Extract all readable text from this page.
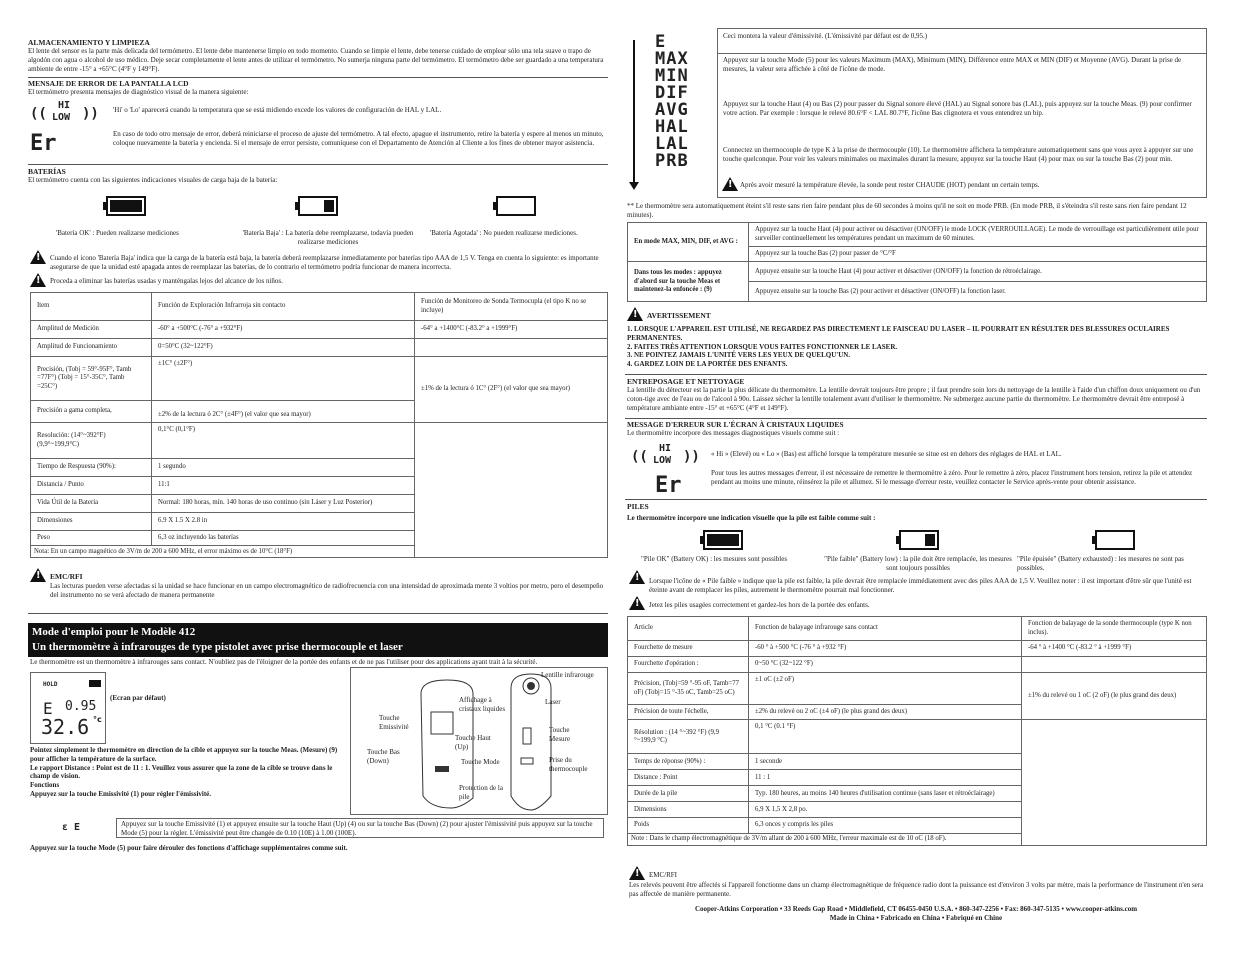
ALMACENAMIENTO Y LIMPIEZA

El lente del sensor es la parte más delicada del termómetro. El lente debe mantenerse limpio en todo momento. Cuando se limpie el lente, debe tenerse cuidado de emplear sólo una tela suave o trapo de algodón con agua o alcohol de uso médico. Deje secar completamente el lente antes de utilizar el termómetro. No sumerja ninguna parte del termómetro. El termómetro debe ser guardado a una temperatura ambiente de entre -15° a +65°C (4°F y 149°F).

MENSAJE DE ERROR DE LA PANTALLA LCD

El termómetro presenta mensajes de diagnóstico visual de la manera siguiente:

((
HI
LOW )) 'Hi' o 'Lo' aparecerá cuando la temperatura que se está midiendo excede los valores de configuración de HAL y LAL.

Er	En caso de todo otro mensaje de error, deberá reiniciarse el proceso de ajuste del termómetro. A tal efecto, apague el instrumento, retire la batería y espere al menos un minuto, coloque nuevamente la batería y encienda. Si el mensaje de error persiste, comuníquese con el Departamento de Atención al Cliente a los fines de obtener mayor asistencia.

BATERÍAS

El termómetro cuenta con las siguientes indicaciones visuales de carga baja de la batería:

'Batería OK' : Pueden realizarse mediciones	'Batería Baja' : La batería debe reemplazarse, todavía pueden realizarse mediciones

'Batería Agotada' : No pueden realizarse mediciones.

!

Cuando el icono 'Batería Baja' indica que la carga de la batería está baja, la batería deberá reemplazarse inmediatamente por baterías tipo AAA de 1,5 V. Tenga en cuenta lo siguiente: es importante asegurarse de que la unidad esté apagada antes de reemplazar las baterías, de lo contrario el termómetro podría funcionar de manera incorrecta.

!

Proceda a eliminar las baterías usadas y manténgalas lejos del alcance de los niños.

Item	Función de Exploración Infrarroja sin contacto	Función de Monitoreo de Sonda Termocupla (el tipo K no se incluye)
Amplitud de Medición	-60° a +500°C (-76° a +932°F)	-64° a +1400°C (-83.2° a +1999°F)
Amplitud de Funcionamiento	0=50°C (32~122°F)	
Precisión, (Tobj = 59°-95F°, Tamb =77F°) (Tobj = 15°-35C°, Tamb =25C°)	±1C° (±2F°)	±1% de la lectura ó 1C° (2F°) (el valor que sea mayor)
Precisión a gama completa,	±2% de la lectura ó 2C° (±4F°) (el valor que sea mayor)	
Resolución: (14°~392°F) (9,9°~199,9°C)	0,1°C (0,1°F)	
Tiempo de Respuesta (90%):	1 segundo	
Distancia / Punto	11:1	
Vida Útil de la Batería	Normal: 180 horas, mín. 140 horas de uso continuo (sin Láser y Luz Posterior)	
Dimensiones	6.9 X 1.5 X 2.8 in	
Peso	6,3 oz incluyendo las baterías	
Nota: En un campo magnético de 3V/m de 200 a 600 MHz, el error máximo es de 10°C (18°F)		
!

EMC/RFI

Las lecturas pueden verse afectadas si la unidad se hace funcionar en un campo electromagnético de radiofrecuencia con una intensidad de aproximada mente 3 voltios por metro, pero el desempeño del instrumento no se verá afectado de manera permanente

Mode d'emploi pour le Modèle 412
Un thermomètre à infrarouges de type pistolet avec prise thermocouple et laser

Le thermomètre est un thermomètre à infrarouges sans contact. N'oubliez pas de l'éloigner de la portée des enfants et de ne pas l'utiliser pour des applications ayant trait à la sécurité.

HOLD
E 0.95
32.6 °c

(Ecran par défaut)

Pointez simplement le thermomètre en direction de la cible et appuyez sur la touche Meas. (Mesure) (9) pour afficher la température de la surface.

Le rapport Distance : Point est de 11 : 1. Veuillez vous assurer que la zone de la cible se trouve dans le champ de vision.

Fonctions

Appuyez sur la touche Emissivité (1) pour régler l'émissivité.

Affichage à cristaux liquides
Lentille infrarouge
Laser
Touche Emissivité
Touche Haut (Up)
Touche Mesure
Touche Bas (Down)	Touche Mode	Prise du thermocouple
Protection de la pile
ε E	Appuyez sur la touche Emissivité (1) et appuyez ensuite sur la touche Haut (Up) (4) ou sur la touche Bas (Down) (2) pour ajuster l'émissivité puis appuyez sur la touche Mode (5) pour la régler. L'émissivité peut être changée de 0.10 (10E) à 1.00 (100E).

Appuyez sur la touche Mode (5) pour faire dérouler des fonctions d'affichage supplémentaires comme suit.

E
MAX
MIN
DIF
AVG
HAL
LAL
PRB
Ceci montera la valeur d'émissivité. (L'émissivité par défaut est de 0,95.)
Appuyez sur la touche Mode (5) pour les valeurs Maximum (MAX), Minimum (MIN), Différence entre MAX et MIN (DIF) et Moyenne (AVG). Durant la prise de mesures, la valeur sera affichée à côté de l'icône de mode.
Appuyez sur la touche Haut (4) ou Bas (2) pour passer du Signal sonore élevé (HAL) au Signal sonore bas (LAL), puis appuyez sur la touche Meas. (9) pour confirmer votre action. Par exemple : lorsque le relevé 80.6°F < LAL 80.7°F, l'icône Bas clignotera et vous entendrez un bip.
Connectez un thermocouple de type K à la prise de thermocouple (10). Le thermomètre affichera la température automatiquement sans que vous ayez à appuyer sur une touche quelconque. Pour voir les valeurs minimales ou maximales durant la mesure, appuyez sur la touche Haut (4) pour max ou sur la touche Bas (2) pour min.
!
Après avoir mesuré la température élevée, la sonde peut rester CHAUDE (HOT) pendant un certain temps.

** Le thermomètre sera automatiquement éteint s'il reste sans rien faire pendant plus de 60 secondes à moins qu'il ne soit en mode PRB. (En mode PRB, il s'éteindra s'il reste sans rien faire pendant 12 minutes).

En mode MAX, MIN, DIF, et AVG :	Appuyez sur la touche Haut (4) pour activer ou désactiver (ON/OFF) le mode LOCK (VERROUILLAGE). Le mode de verrouillage est particulièrement utile pour surveiller continuellement les températures pendant un maximum de 60 minutes.
	Appuyez sur la touche Bas (2) pour passer de °C/°F
Dans tous les modes : appuyez d'abord sur la touche Meas et maintenez-la enfoncée : (9)	Appuyez ensuite sur la touche Haut (4) pour activer et désactiver (ON/OFF) la fonction de rétroéclairage.
	Appuyez ensuite sur la touche Bas (2) pour activer et désactiver (ON/OFF) la fonction laser.
!

AVERTISSEMENT

1. LORSQUE L'APPAREIL EST UTILISÉ, NE REGARDEZ PAS DIRECTEMENT LE FAISCEAU DU LASER – IL POURRAIT EN RÉSULTER DES BLESSURES OCULAIRES PERMANENTES.

2. FAITES TRÈS ATTENTION LORSQUE VOUS FAITES FONCTIONNER LE LASER.

3. NE POINTEZ JAMAIS L'UNITÉ VERS LES YEUX DE QUELQU'UN.

4. GARDEZ LOIN DE LA PORTÉE DES ENFANTS.

ENTREPOSAGE ET NETTOYAGE

La lentille du détecteur est la partie la plus délicate du thermomètre. La lentille devrait toujours être propre ; il faut prendre soin lors du nettoyage de la lentille à l'aide d'un chiffon doux uniquement ou d'un coton-tige avec de l'eau ou de l'alcool à 90o. Laissez sécher la lentille totalement avant d'utiliser le thermomètre. Ne submergez aucune partie du thermomètre. Le thermomètre devrait être entreposé à température ambiante entre -15° et +65°C (4°F et 149°F).

MESSAGE D'ERREUR SUR L'ÉCRAN À CRISTAUX LIQUIDES

Le thermomètre incorpore des messages diagnostiques visuels comme suit :

((
HI
LOW )) « Hi » (Elevé) ou « Lo » (Bas) est affiché lorsque la température mesurée se situe est en dehors des réglages de HAL et LAL.

Er	Pour tous les autres messages d'erreur, il est nécessaire de remettre le thermomètre à zéro. Pour le remettre à zéro, placez l'instrument hors tension, retirez la pile et attendez pendant au moins une minute, réinsérez la pile et allumez. Si le message d'erreur reste, veuillez contacter le Service après-vente pour obtenir assistance.

PILES

Le thermomètre incorpore une indication visuelle que la pile est faible comme suit :

"Pile OK" (Battery OK) : les mesures sont possibles	"Pile faible" (Battery low) : la pile doit être remplacée, les mesures sont toujours possibles

"Pile épuisée" (Battery exhausted) : les mesures ne sont pas possibles.

!

Lorsque l'icône de « Pile faible » indique que la pile est faible, la pile devrait être remplacée immédiatement avec des piles AAA de 1,5 V. Veuillez noter : il est important d'être sûr que l'unité est éteinte avant de remplacer les piles, autrement le thermomètre pourrait mal fonctionner.

!

Jetez les piles usagées correctement et gardez-les hors de la portée des enfants.

Article	Fonction de balayage infrarouge sans contact	Fonction de balayage de la sonde thermocouple (type K non inclus).
Fourchette de mesure	-60 ° à +500 °C (-76 ° à +932 °F)	-64 ° à +1400 °C (-83.2 ° à +1999 °F)
Fourchette d'opération :	0~50 °C (32~122 °F)	
Précision, (Tobj=59 °-95 oF, Tamb=77 oF) (Tobj=15 °-35 oC, Tamb=25 oC)	±1 oC (±2 oF)	±1% du relevé ou 1 oC (2 oF) (le plus grand des deux)
Précision de toute l'échelle,	±2% du relevé ou 2 oC (±4 oF) (le plus grand des deux)	
Résolution : (14 °~392 °F) (9,9 °~199,9 °C)	0,1 °C (0.1 °F)	
Temps de réponse (90%) :	1 seconde	
Distance : Point	11 : 1	
Durée de la pile	Typ. 180 heures, au moins 140 heures d'utilisation continue (sans laser et rétroéclairage)	
Dimensions	6,9 X 1,5 X 2,8 po.	
Poids	6,3 onces y compris les piles	
Note : Dans le champ électromagnétique de 3V/m allant de 200 à 600 MHz, l'erreur maximale est de 10 oC (18 oF).		
!

EMC/RFI

Les relevés peuvent être affectés si l'appareil fonctionne dans un champ électromagnétique de fréquence radio dont la puissance est d'environ 3 volts par mètre, mais la performance de l'instrument n'en sera pas affectée de manière permanente.

Cooper-Atkins Corporation • 33 Reeds Gap Road • Middlefield, CT 06455-0450 U.S.A. • 860-347-2256 • Fax: 860-347-5135 • www.cooper-atkins.com

Made in China • Fabricado en China • Fabriqué en Chine
